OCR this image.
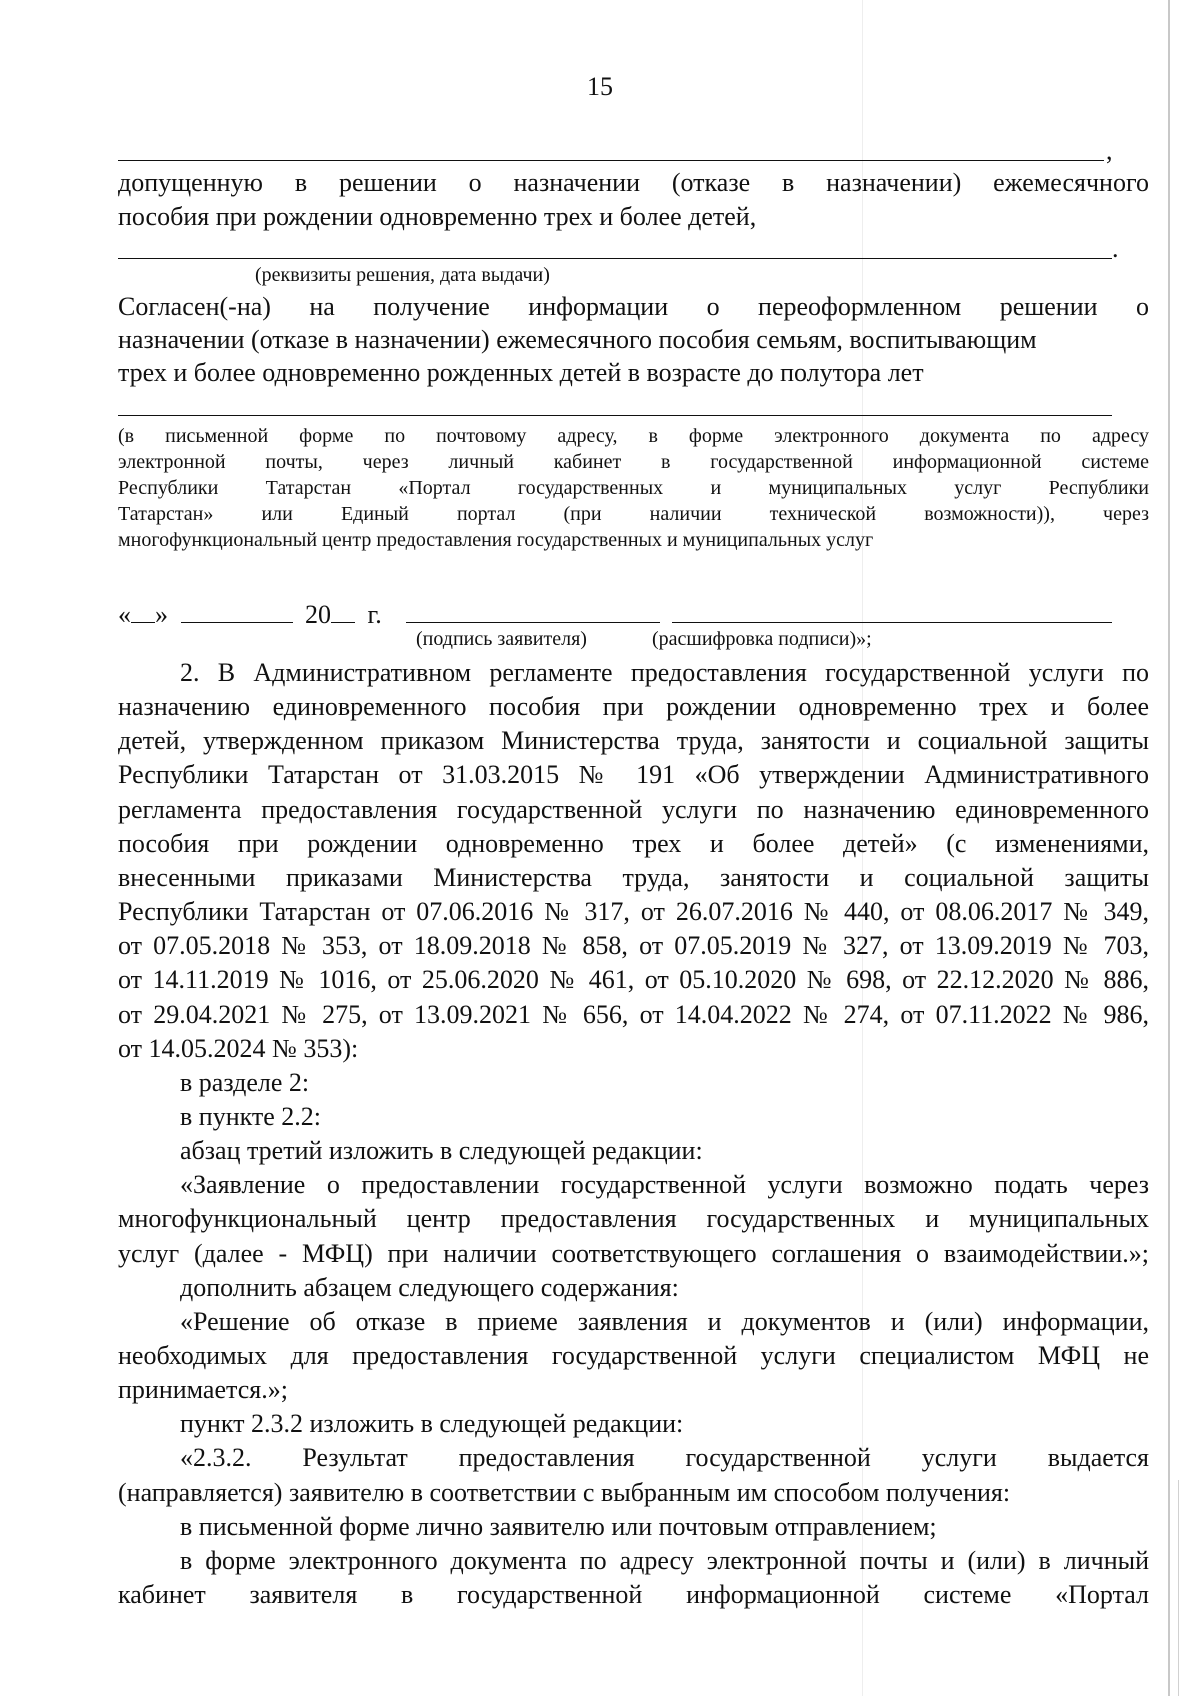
15
,
допущенную в решении о назначении (отказе в назначении) ежемесячного
пособия при рождении одновременно трех и более детей,
.
(реквизиты решения, дата выдачи)
Согласен(-на) на получение информации о переоформленном решении о
назначении (отказе в назначении) ежемесячного пособия семьям, воспитывающим
трех и более одновременно рожденных детей в возрасте до полутора лет
(в письменной форме по почтовому адресу, в форме электронного документа по адресу
электронной почты, через личный кабинет в государственной информационной системе
Республики Татарстан «Портал государственных и муниципальных услуг Республики
Татарстан» или Единый портал (при наличии технической возможности)), через
многофункциональный центр предоставления государственных и муниципальных услуг
« »	20 г.
(подпись заявителя)	(расшифровка подписи)»;
2. В Административном регламенте предоставления государственной услуги по
назначению единовременного пособия при рождении одновременно трех и более
детей, утвержденном приказом Министерства труда, занятости и социальной защиты
Республики Татарстан от 31.03.2015 № 191 «Об утверждении Административного
регламента предоставления государственной услуги по назначению единовременного
пособия при рождении одновременно трех и более детей» (с изменениями,
внесенными приказами Министерства труда, занятости и социальной защиты
Республики Татарстан от 07.06.2016 № 317, от 26.07.2016 № 440, от 08.06.2017 № 349,
от 07.05.2018 № 353, от 18.09.2018 № 858, от 07.05.2019 № 327, от 13.09.2019 № 703,
от 14.11.2019 № 1016, от 25.06.2020 № 461, от 05.10.2020 № 698, от 22.12.2020 № 886,
от 29.04.2021 № 275, от 13.09.2021 № 656, от 14.04.2022 № 274, от 07.11.2022 № 986,
от 14.05.2024 № 353):
в разделе 2:
в пункте 2.2:
абзац третий изложить в следующей редакции:
«Заявление о предоставлении государственной услуги возможно подать через
многофункциональный центр предоставления государственных и муниципальных
услуг (далее - МФЦ) при наличии соответствующего соглашения о взаимодействии.»;
дополнить абзацем следующего содержания:
«Решение об отказе в приеме заявления и документов и (или) информации,
необходимых для предоставления государственной услуги специалистом МФЦ не
принимается.»;
пункт 2.3.2 изложить в следующей редакции:
«2.3.2. Результат предоставления государственной услуги выдается
(направляется) заявителю в соответствии с выбранным им способом получения:
в письменной форме лично заявителю или почтовым отправлением;
в форме электронного документа по адресу электронной почты и (или) в личный
кабинет заявителя в государственной информационной системе «Портал
